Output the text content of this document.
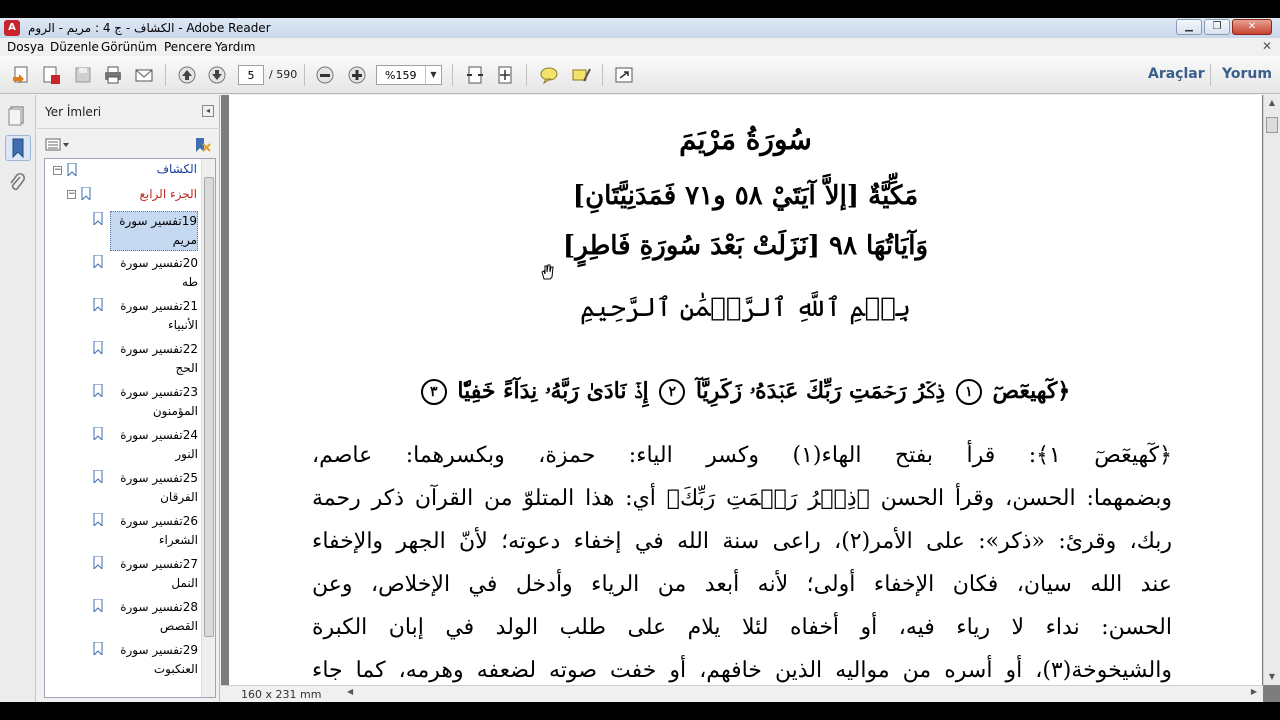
A	الكشاف - ج 4 : مريم - الروم - Adobe Reader	▁	❐	✕
Dosya Düzenle Görünüm Pencere Yardım	✕
5
/ 590	%159	▼	Araçlar Yorum
Yer İmleri	◂
−	الكشاف
−	الجزء الرابع
19تفسير سورة مريم
20تفسير سورة طه
21تفسير سورة الأنبياء
22تفسير سورة الحج
23تفسير سورة المؤمنون
24تفسير سورة النور
25تفسير سورة الفرقان
26تفسير سورة الشعراء
27تفسير سورة النمل
28تفسير سورة القصص
29تفسير سورة العنكبوت
سُورَةُ مَرْيَمَ
مَكِّيَّةٌ [إلاَّ آيَتَيْ ٥٨ و٧١ فَمَدَنِيَّتَانِ]
وَآيَاتُهَا ٩٨ [نَزَلَتْ بَعْدَ سُورَةِ فَاطِرٍ]
بِسۡمِ ٱللَّهِ ٱلرَّحۡمَٰنِ ٱلرَّحِيمِ
﴿كٓهيعٓصٓ ١ ذِكۡرُ رَحۡمَتِ رَبِّكَ عَبۡدَهُۥ زَكَرِيَّآ ٢ إِذۡ نَادَىٰ رَبَّهُۥ نِدَآءً خَفِيّٗا ٣
﴿كٓهيعٓصٓ ١﴾: قرأ بفتح الهاء(١) وكسر الياء: حمزة، وبكسرهما: عاصم،
وبضمهما: الحسن، وقرأ الحسن ﴿ذِكۡرُ رَحۡمَتِ رَبِّكَ﴾ أي: هذا المتلوّ من القرآن ذكر رحمة
ربك، وقرئ: «ذكر»: على الأمر(٢)، راعى سنة الله في إخفاء دعوته؛ لأنّ الجهر والإخفاء
عند الله سيان، فكان الإخفاء أولى؛ لأنه أبعد من الرياء وأدخل في الإخلاص، وعن
الحسن: نداء لا رياء فيه، أو أخفاه لئلا يلام على طلب الولد في إبان الكبرة
والشيخوخة(٣)، أو أسره من مواليه الذين خافهم، أو خفت صوته لضعفه وهرمه، كما جاء
▲
▼
160 x 231 mm	◀	▶
